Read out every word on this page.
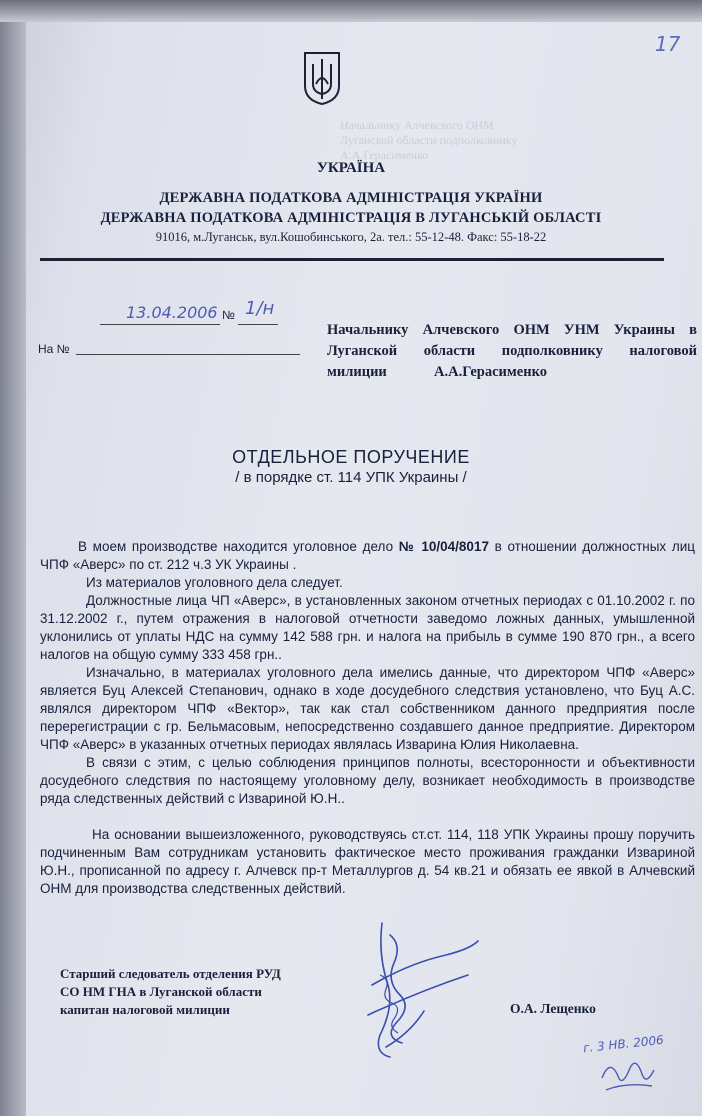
Начальнику Алчевского ОНМ
Луганской области подполковнику
А.А.Герасименко
17
УКРАЇНА
ДЕРЖАВНА ПОДАТКОВА АДМІНІСТРАЦІЯ УКРАЇНИ
ДЕРЖАВНА ПОДАТКОВА АДМІНІСТРАЦІЯ В ЛУГАНСЬКІЙ ОБЛАСТІ
91016, м.Луганськ, вул.Кошобинського, 2а. тел.: 55-12-48. Факс: 55-18-22
13.04.2006 № 1/н
На №
Начальнику Алчевского ОНМ УНМ Украины в
Луганской области подполковнику налоговой
милиции	А.А.Герасименко
ОТДЕЛЬНОЕ ПОРУЧЕНИЕ
/ в порядке ст. 114 УПК Украины /

В моем производстве находится уголовное дело № 10/04/8017 в отношении должностных лиц ЧПФ «Аверс» по ст. 212 ч.3 УК Украины .

Из материалов уголовного дела следует.

Должностные лица ЧП «Аверс», в установленных законом отчетных периодах с 01.10.2002 г. по 31.12.2002 г., путем отражения в налоговой отчетности заведомо ложных данных, умышленной уклонились от уплаты НДС на сумму 142 588 грн. и налога на прибыль в сумме 190 870 грн., а всего налогов на общую сумму 333 458 грн..

Изначально, в материалах уголовного дела имелись данные, что директором ЧПФ «Аверс» является Буц Алексей Степанович, однако в ходе досудебного следствия установлено, что Буц А.С. являлся директором ЧПФ «Вектор», так как стал собственником данного предприятия после перерегистрации с гр. Бельмасовым, непосредственно создавшего данное предприятие. Директором ЧПФ «Аверс» в указанных отчетных периодах являлась Изварина Юлия Николаевна.

В связи с этим, с целью соблюдения принципов полноты, всесторонности и объективности досудебного следствия по настоящему уголовному делу, возникает необходимость в производстве ряда следственных действий с Извариной Ю.Н..

На основании вышеизложенного, руководствуясь ст.ст. 114, 118 УПК Украины прошу поручить подчиненным Вам сотрудникам установить фактическое место проживания гражданки Извариной Ю.Н., прописанной по адресу г. Алчевск пр-т Металлургов д. 54 кв.21 и обязать ее явкой в Алчевский ОНМ для производства следственных действий.

Старший следователь отделения РУД
СО НМ ГНА в Луганской области
капитан налоговой милиции	О.А. Лещенко
г. 3 НВ. 2006
